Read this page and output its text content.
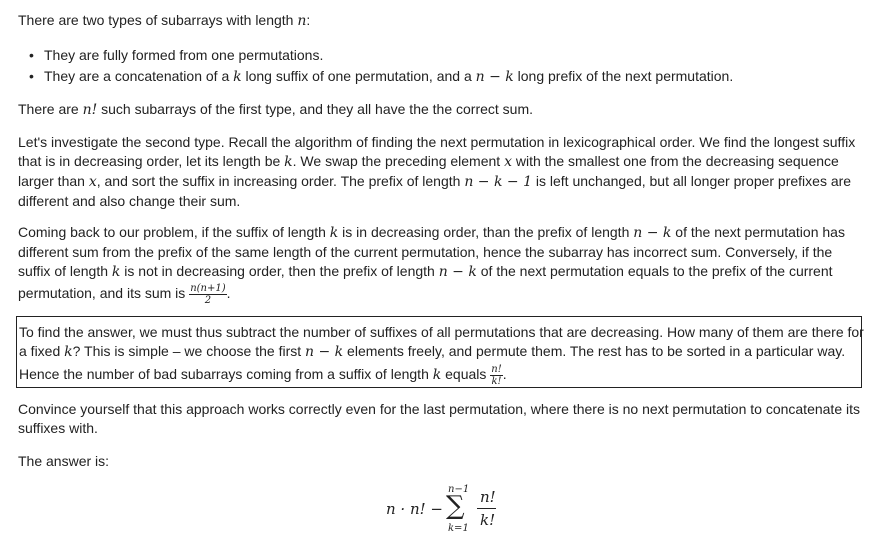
There are two types of subarrays with length n:

• They are fully formed from one permutations.
• They are a concatenation of a k long suffix of one permutation, and a n − k long prefix of the next permutation.

There are n! such subarrays of the first type, and they all have the the correct sum.

Let's investigate the second type. Recall the algorithm of finding the next permutation in lexicographical order. We find the longest suffix

that is in decreasing order, let its length be k. We swap the preceding element x with the smallest one from the decreasing sequence

larger than x, and sort the suffix in increasing order. The prefix of length n − k − 1 is left unchanged, but all longer proper prefixes are

different and also change their sum.

Coming back to our problem, if the suffix of length k is in decreasing order, than the prefix of length n − k of the next permutation has

different sum from the prefix of the same length of the current permutation, hence the subarray has incorrect sum. Conversely, if the

suffix of length k is not in decreasing order, then the prefix of length n − k of the next permutation equals to the prefix of the current

permutation, and its sum is $\frac{n(n+1)}{2}$ .

To find the answer, we must thus subtract the number of suffixes of all permutations that are decreasing. How many of them are there for

a fixed k? This is simple – we choose the first n − k elements freely, and permute them. The rest has to be sorted in a particular way.

Hence the number of bad subarrays coming from a suffix of length k equals $\frac{n!}{k!}$ .

Convince yourself that this approach works correctly even for the last permutation, where there is no next permutation to concatenate its

suffixes with.

The answer is:

n · n! −
n−1
∑
k=1
n!
k!
